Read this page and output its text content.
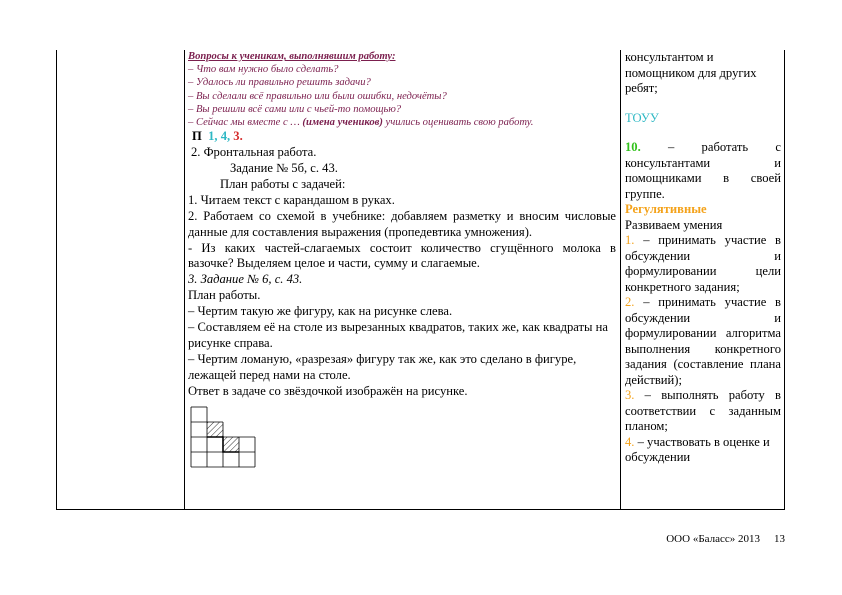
Вопросы к ученикам, выполнявшим работу:
– Что вам нужно было сделать?
– Удалось ли правильно решить задачи?
– Вы сделали всё правильно или были ошибки, недочёты?
– Вы решили всё сами или с чьей-то помощью?
– Сейчас мы вместе с … (имена учеников) учились оценивать свою работу.
П 1, 4, 3.
2. Фронтальная работа.
Задание № 5б, с. 43.
План работы с задачей:
1. Читаем текст с карандашом в руках.
2. Работаем со схемой в учебнике: добавляем разметку и вносим числовые данные для составления выражения (пропедевтика умножения).
- Из каких частей-слагаемых состоит количество сгущённого молока в вазочке? Выделяем целое и части, сумму и слагаемые.
3. Задание № 6, с. 43.
План работы.
– Чертим такую же фигуру, как на рисунке слева.
– Составляем её на столе из вырезанных квадратов, таких же, как квадраты на рисунке справа.
– Чертим ломаную, «разрезая» фигуру так же, как это сделано в фигуре, лежащей перед нами на столе.
Ответ в задаче со звёздочкой изображён на рисунке.
консультантом и помощником для других ребят;
ТОУУ
10. – работать с консультантами и помощниками в своей группе.
Регулятивные
Развиваем умения
1. – принимать участие в обсуждении и формулировании цели конкретного задания;
2. – принимать участие в обсуждении и формулировании алгоритма выполнения конкретного задания (составление плана действий);
3. – выполнять работу в соответствии с заданным планом;
4. – участвовать в оценке и обсуждении
ООО «Баласс» 2013 13
